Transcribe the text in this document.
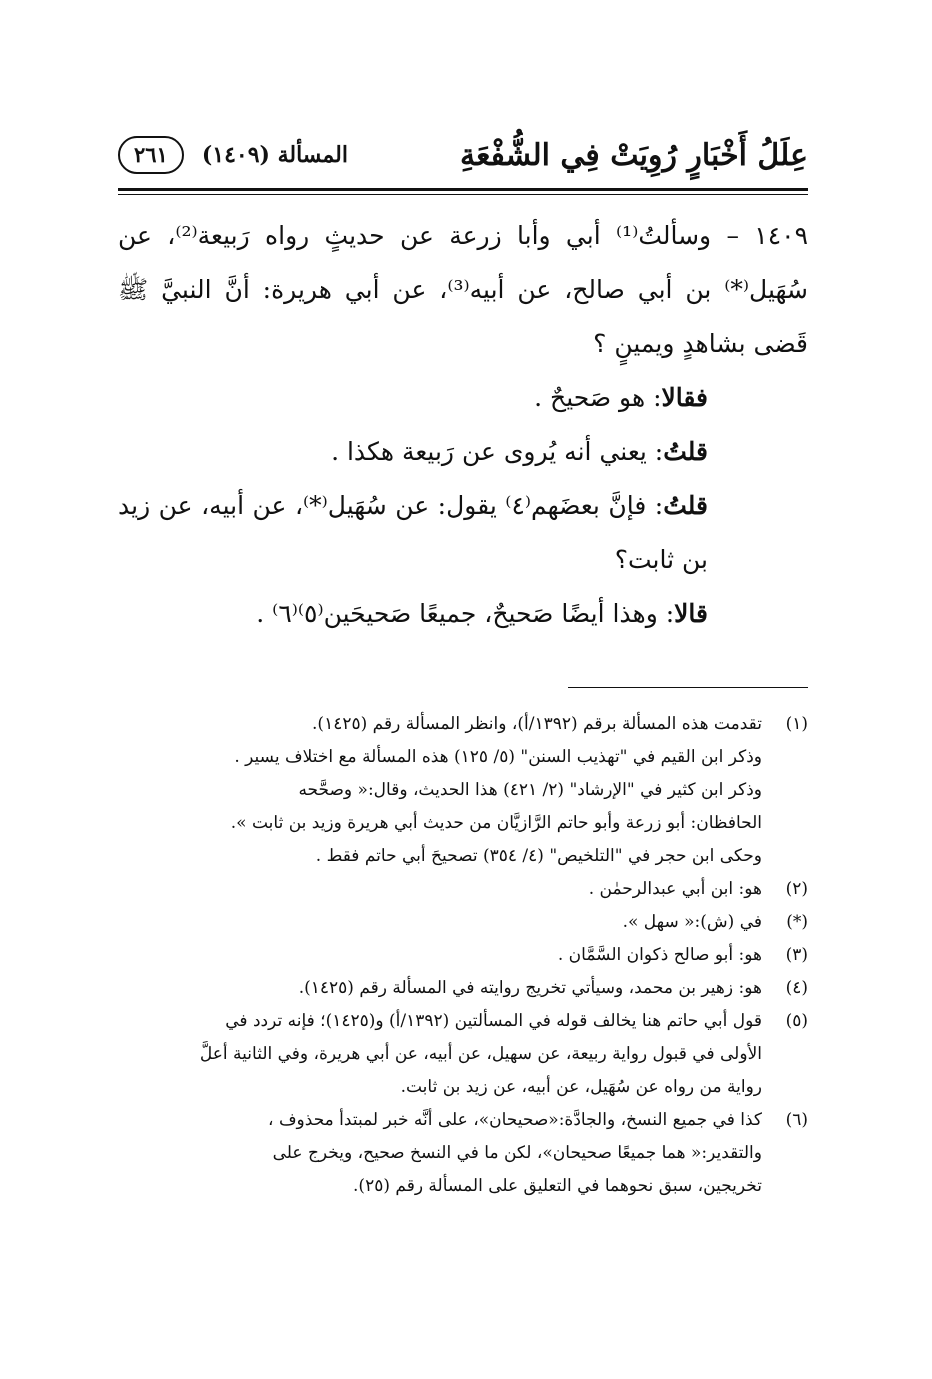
عِلَلُ أَخْبَارٍ رُوِيَتْ فِي الشُّفْعَةِ
المسألة (١٤٠٩)
٢٦١

١٤٠٩ – وسألتُ⁽¹⁾ أبي وأبا زرعة عن حديثٍ رواه رَبيعة⁽²⁾، عن سُهَيل⁽*⁾ بن أبي صالح، عن أبيه⁽³⁾، عن أبي هريرة: أنَّ النبيَّ ﷺ قَضى بشاهدٍ ويمينٍ ؟

فقالا: هو صَحيحٌ .

قلتُ: يعني أنه يُروى عن رَبيعة هكذا .

قلتُ: فإنَّ بعضَهم⁽٤⁾ يقول: عن سُهَيل⁽*⁾، عن أبيه، عن زيد بن ثابت؟

قالا: وهذا أيضًا صَحيحٌ، جميعًا صَحيحَين⁽٥⁾⁽٦⁾ .

(١)
تقدمت هذه المسألة برقم (١٣٩٢/أ)، وانظر المسألة رقم (١٤٢٥).
وذكر ابن القيم في "تهذيب السنن" (٥/ ١٢٥) هذه المسألة مع اختلاف يسير .
وذكر ابن كثير في "الإرشاد" (٢/ ٤٢١) هذا الحديث، وقال:« وصحَّحه
الحافظان: أبو زرعة وأبو حاتم الرَّازيَّان من حديث أبي هريرة وزيد بن ثابت ».
وحكى ابن حجر في "التلخيص" (٤/ ٣٥٤) تصحيحَ أبي حاتم فقط .
(٢)
هو: ابن أبي عبدالرحمٰن .
(*)
في (ش):« سهل ».
(٣)
هو: أبو صالح ذكوان السَّمَّان .
(٤)
هو: زهير بن محمد، وسيأتي تخريج روايته في المسألة رقم (١٤٢٥).
(٥)
قول أبي حاتم هنا يخالف قوله في المسألتين (١٣٩٢/أ) و(١٤٢٥)؛ فإنه تردد في
الأولى في قبول رواية ربيعة، عن سهيل، عن أبيه، عن أبي هريرة، وفي الثانية أعلَّ
رواية من رواه عن سُهَيل، عن أبيه، عن زيد بن ثابت.
(٦)
كذا في جميع النسخ، والجادَّة:«صحيحان»، على أنَّه خبر لمبتدأ محذوف ،
والتقدير:« هما جميعًا صحيحان»، لكن ما في النسخ صحيح، ويخرج على
تخريجين، سبق نحوهما في التعليق على المسألة رقم (٢٥).
